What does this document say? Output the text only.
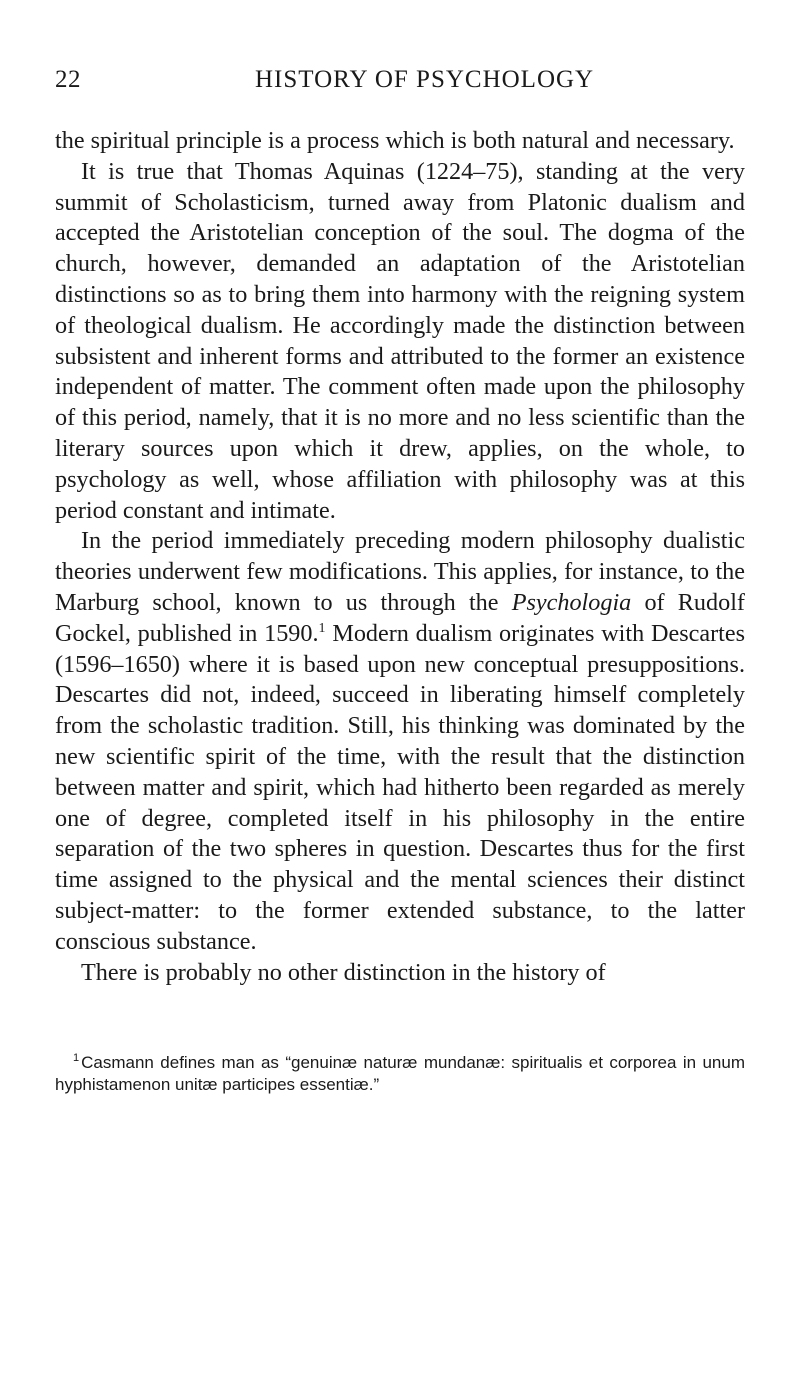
22	HISTORY OF PSYCHOLOGY

the spiritual principle is a process which is both natural and necessary.

It is true that Thomas Aquinas (1224–75), standing at the very summit of Scholasticism, turned away from Platonic dualism and accepted the Aristotelian conception of the soul. The dogma of the church, however, demanded an adaptation of the Aristotelian distinctions so as to bring them into harmony with the reigning system of theological dualism. He accordingly made the distinction between subsistent and inherent forms and attributed to the former an existence independent of matter. The comment often made upon the philosophy of this period, namely, that it is no more and no less scientific than the literary sources upon which it drew, applies, on the whole, to psychology as well, whose affiliation with philosophy was at this period constant and intimate.

In the period immediately preceding modern philosophy dualistic theories underwent few modifications. This applies, for instance, to the Marburg school, known to us through the Psychologia of Rudolf Gockel, published in 1590.$^1$ Modern dualism originates with Descartes (1596–1650) where it is based upon new conceptual presuppositions. Descartes did not, indeed, succeed in liberating himself completely from the scholastic tradition. Still, his thinking was dominated by the new scientific spirit of the time, with the result that the distinction between matter and spirit, which had hitherto been regarded as merely one of degree, completed itself in his philosophy in the entire separation of the two spheres in question. Descartes thus for the first time assigned to the physical and the mental sciences their distinct subject-matter: to the former extended substance, to the latter conscious substance.

There is probably no other distinction in the history of

$^1$ Casmann defines man as “genuinæ naturæ mundanæ: spiritualis et corporea in unum hyphistamenon unitæ participes essentiæ.”
